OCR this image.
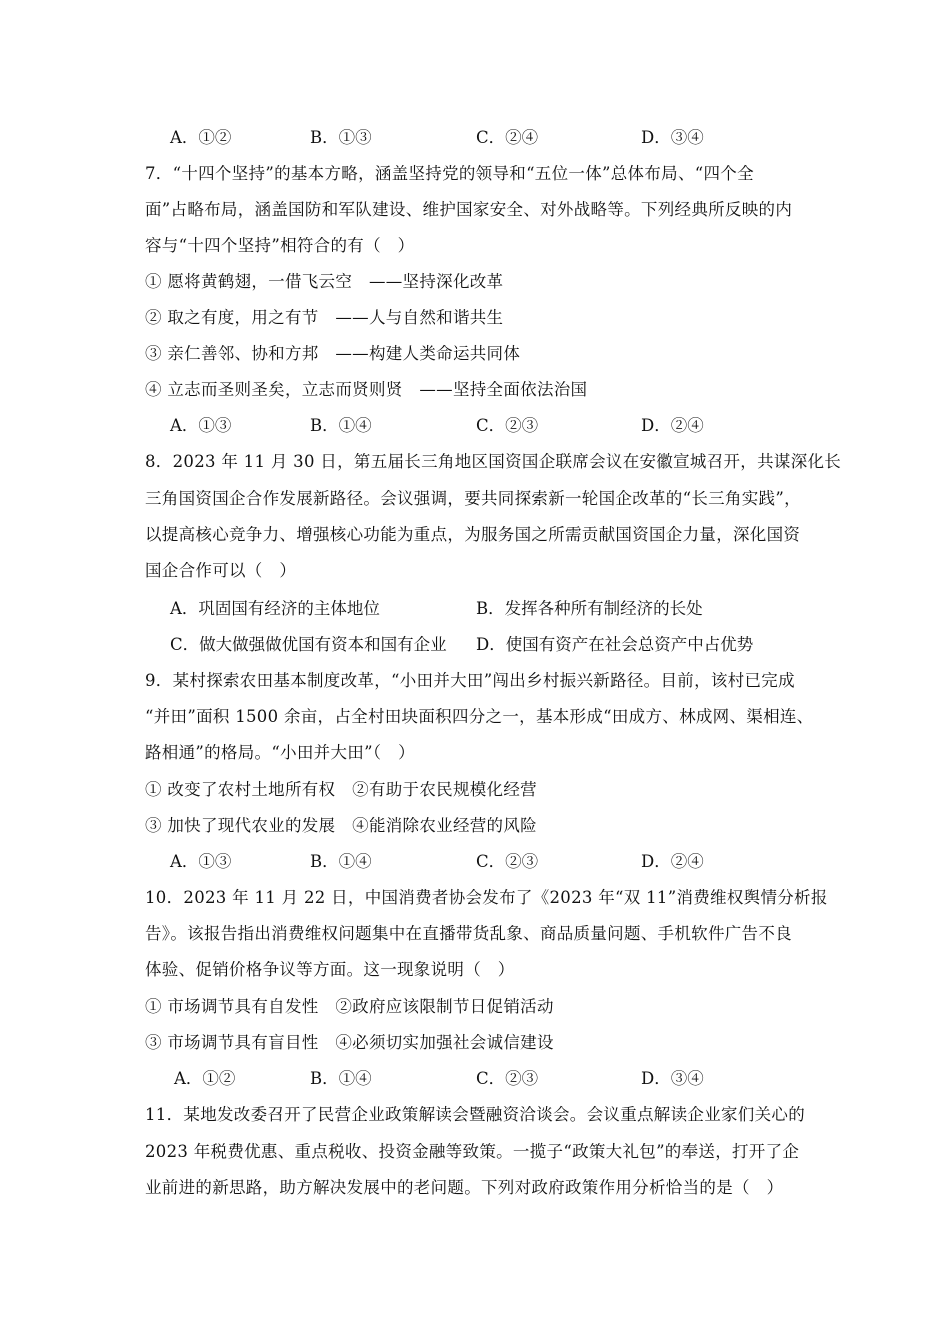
A．①②	B．①③	C．②④	D．③④
7．“十四个坚持”的基本方略，涵盖坚持党的领导和“五位一体”总体布局、“四个全
面”占略布局，涵盖国防和军队建设、维护国家安全、对外战略等。下列经典所反映的内
容与“十四个坚持”相符合的有（　）
① 愿将黄鹤翅，一借飞云空　——坚持深化改革
② 取之有度，用之有节　——人与自然和谐共生
③ 亲仁善邻、协和方邦　——构建人类命运共同体
④ 立志而圣则圣矣，立志而贤则贤　——坚持全面依法治国
A．①③	B．①④	C．②③	D．②④
8．2023 年 11 月 30 日，第五届长三角地区国资国企联席会议在安徽宣城召开，共谋深化长
三角国资国企合作发展新路径。会议强调，要共同探索新一轮国企改革的“长三角实践”，
以提高核心竞争力、增强核心功能为重点，为服务国之所需贡献国资国企力量，深化国资
国企合作可以（　）
A．巩固国有经济的主体地位	B．发挥各种所有制经济的长处
C．做大做强做优国有资本和国有企业 D．使国有资产在社会总资产中占优势
9．某村探索农田基本制度改革，“小田并大田”闯出乡村振兴新路径。目前，该村已完成
“并田”面积 1500 余亩，占全村田块面积四分之一，基本形成“田成方、林成网、渠相连、
路相通”的格局。“小田并大田”（　）
① 改变了农村土地所有权　②有助于农民规模化经营
③ 加快了现代农业的发展　④能消除农业经营的风险
A．①③	B．①④	C．②③	D．②④
10．2023 年 11 月 22 日，中国消费者协会发布了《2023 年“双 11”消费维权舆情分析报
告》。该报告指出消费维权问题集中在直播带货乱象、商品质量问题、手机软件广告不良
体验、促销价格争议等方面。这一现象说明（　）
① 市场调节具有自发性　②政府应该限制节日促销活动
③ 市场调节具有盲目性　④必须切实加强社会诚信建设
A．①②	B．①④	C．②③	D．③④
11．某地发改委召开了民营企业政策解读会暨融资洽谈会。会议重点解读企业家们关心的
2023 年税费优惠、重点税收、投资金融等致策。一揽子“政策大礼包”的奉送，打开了企
业前进的新思路，助方解决发展中的老问题。下列对政府政策作用分析恰当的是（　）
